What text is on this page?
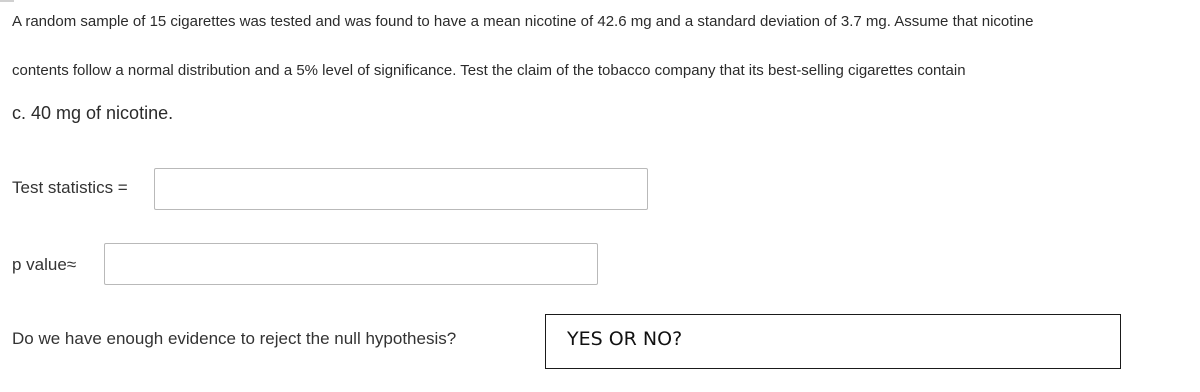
A random sample of 15 cigarettes was tested and was found to have a mean nicotine of 42.6 mg and a standard deviation of 3.7 mg. Assume that nicotine
contents follow a normal distribution and a 5% level of significance. Test the claim of the tobacco company that its best-selling cigarettes contain
c. 40 mg of nicotine.
Test statistics =
p value≈
Do we have enough evidence to reject the null hypothesis?	YES OR NO?
